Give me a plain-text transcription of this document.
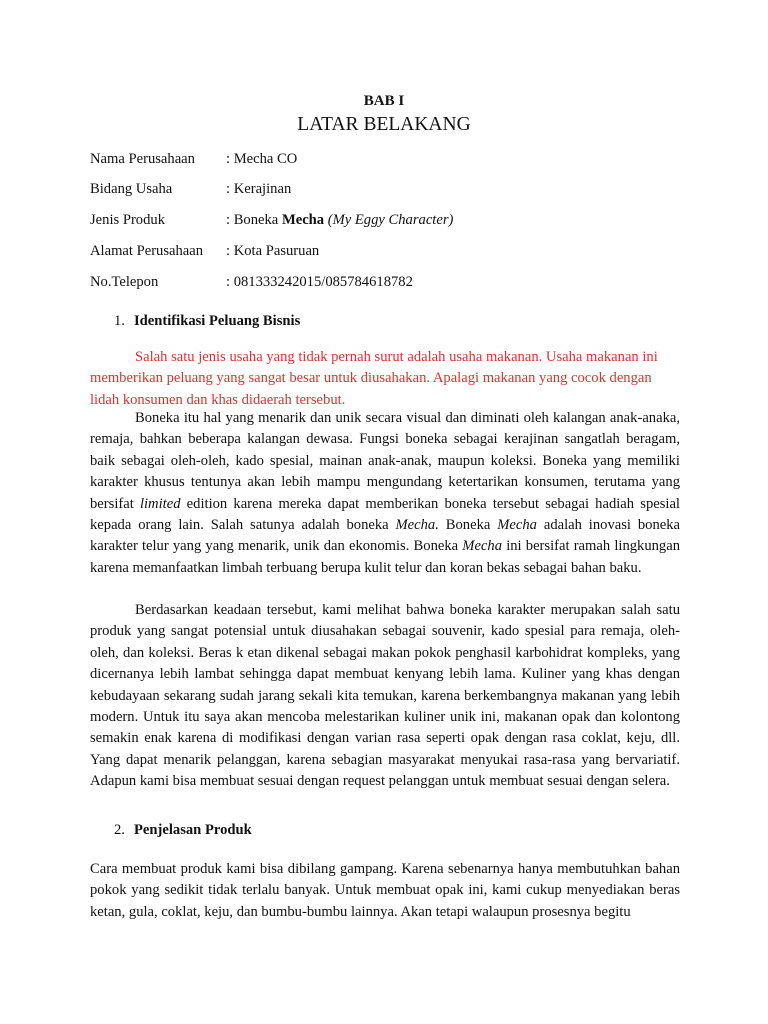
BAB I
LATAR BELAKANG
Nama Perusahaan : Mecha CO
Bidang Usaha	: Kerajinan
Jenis Produk	: Boneka Mecha (My Eggy Character)
Alamat Perusahaan : Kota Pasuruan
No.Telepon	: 081333242015/085784618782
1. Identifikasi Peluang Bisnis
Salah satu jenis usaha yang tidak pernah surut adalah usaha makanan. Usaha makanan ini memberikan peluang yang sangat besar untuk diusahakan. Apalagi makanan yang cocok dengan lidah konsumen dan khas didaerah tersebut.
Boneka itu hal yang menarik dan unik secara visual dan diminati oleh kalangan anak-anaka, remaja, bahkan beberapa kalangan dewasa. Fungsi boneka sebagai kerajinan sangatlah beragam, baik sebagai oleh-oleh, kado spesial, mainan anak-anak, maupun koleksi. Boneka yang memiliki karakter khusus tentunya akan lebih mampu mengundang ketertarikan konsumen, terutama yang bersifat limited edition karena mereka dapat memberikan boneka tersebut sebagai hadiah spesial kepada orang lain. Salah satunya adalah boneka Mecha. Boneka Mecha adalah inovasi boneka karakter telur yang yang menarik, unik dan ekonomis. Boneka Mecha ini bersifat ramah lingkungan karena memanfaatkan limbah terbuang berupa kulit telur dan koran bekas sebagai bahan baku.
Berdasarkan keadaan tersebut, kami melihat bahwa boneka karakter merupakan salah satu produk yang sangat potensial untuk diusahakan sebagai souvenir, kado spesial para remaja, oleh-oleh, dan koleksi. Beras k etan dikenal sebagai makan pokok penghasil karbohidrat kompleks, yang dicernanya lebih lambat sehingga dapat membuat kenyang lebih lama. Kuliner yang khas dengan kebudayaan sekarang sudah jarang sekali kita temukan, karena berkembangnya makanan yang lebih modern. Untuk itu saya akan mencoba melestarikan kuliner unik ini, makanan opak dan kolontong semakin enak karena di modifikasi dengan varian rasa seperti opak dengan rasa coklat, keju, dll. Yang dapat menarik pelanggan, karena sebagian masyarakat menyukai rasa-rasa yang bervariatif. Adapun kami bisa membuat sesuai dengan request pelanggan untuk membuat sesuai dengan selera.
2. Penjelasan Produk
Cara membuat produk kami bisa dibilang gampang. Karena sebenarnya hanya membutuhkan bahan pokok yang sedikit tidak terlalu banyak. Untuk membuat opak ini, kami cukup menyediakan beras ketan, gula, coklat, keju, dan bumbu-bumbu lainnya. Akan tetapi walaupun prosesnya begitu
